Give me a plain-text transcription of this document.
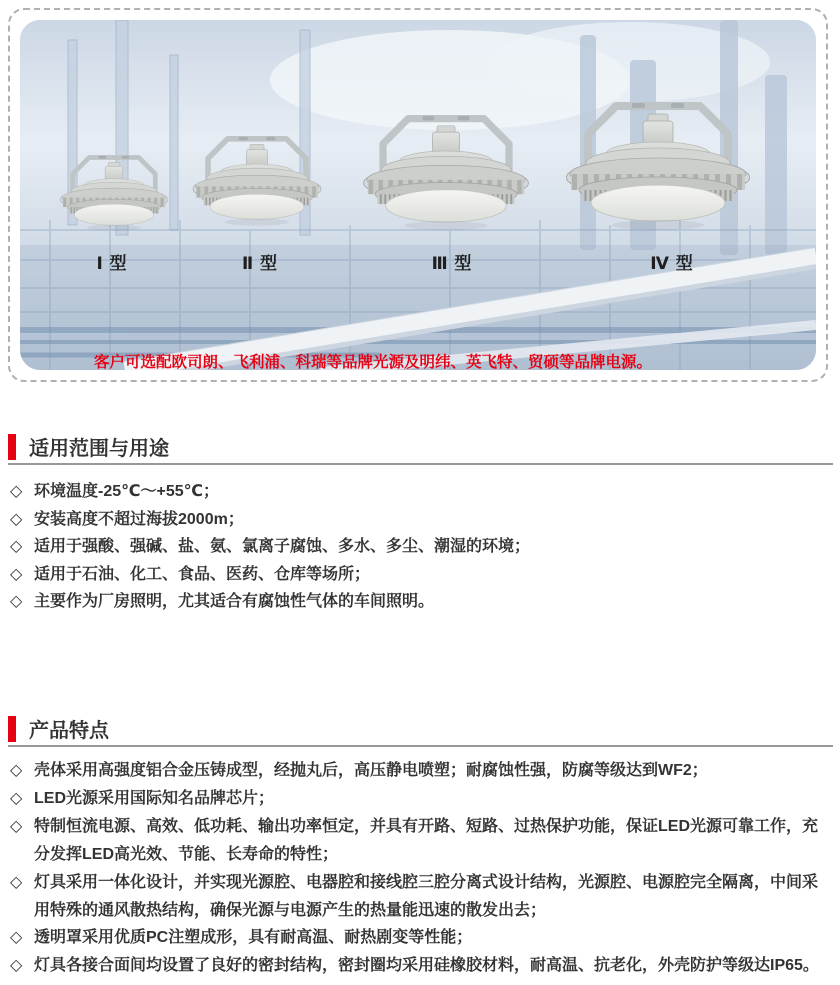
Ⅰ 型	Ⅱ 型	Ⅲ 型	Ⅳ 型
客户可选配欧司朗、飞利浦、科瑞等品牌光源及明纬、英飞特、贸硕等品牌电源。
适用范围与用途
◇ 环境温度-25℃～+55℃；
◇ 安装高度不超过海拔2000m；
◇ 适用于强酸、强碱、盐、氨、氯离子腐蚀、多水、多尘、潮湿的环境；
◇ 适用于石油、化工、食品、医药、仓库等场所；
◇ 主要作为厂房照明，尤其适合有腐蚀性气体的车间照明。
产品特点
◇ 壳体采用高强度铝合金压铸成型，经抛丸后，高压静电喷塑；耐腐蚀性强，防腐等级达到WF2；
◇ LED光源采用国际知名品牌芯片；
◇ 特制恒流电源、高效、低功耗、输出功率恒定，并具有开路、短路、过热保护功能，保证LED光源可靠工作，充分发挥LED高光效、节能、长寿命的特性；
◇ 灯具采用一体化设计，并实现光源腔、电器腔和接线腔三腔分离式设计结构，光源腔、电源腔完全隔离，中间采用特殊的通风散热结构，确保光源与电源产生的热量能迅速的散发出去；
◇ 透明罩采用优质PC注塑成形，具有耐高温、耐热剧变等性能；
◇ 灯具各接合面间均设置了良好的密封结构，密封圈均采用硅橡胶材料，耐高温、抗老化，外壳防护等级达IP65。
